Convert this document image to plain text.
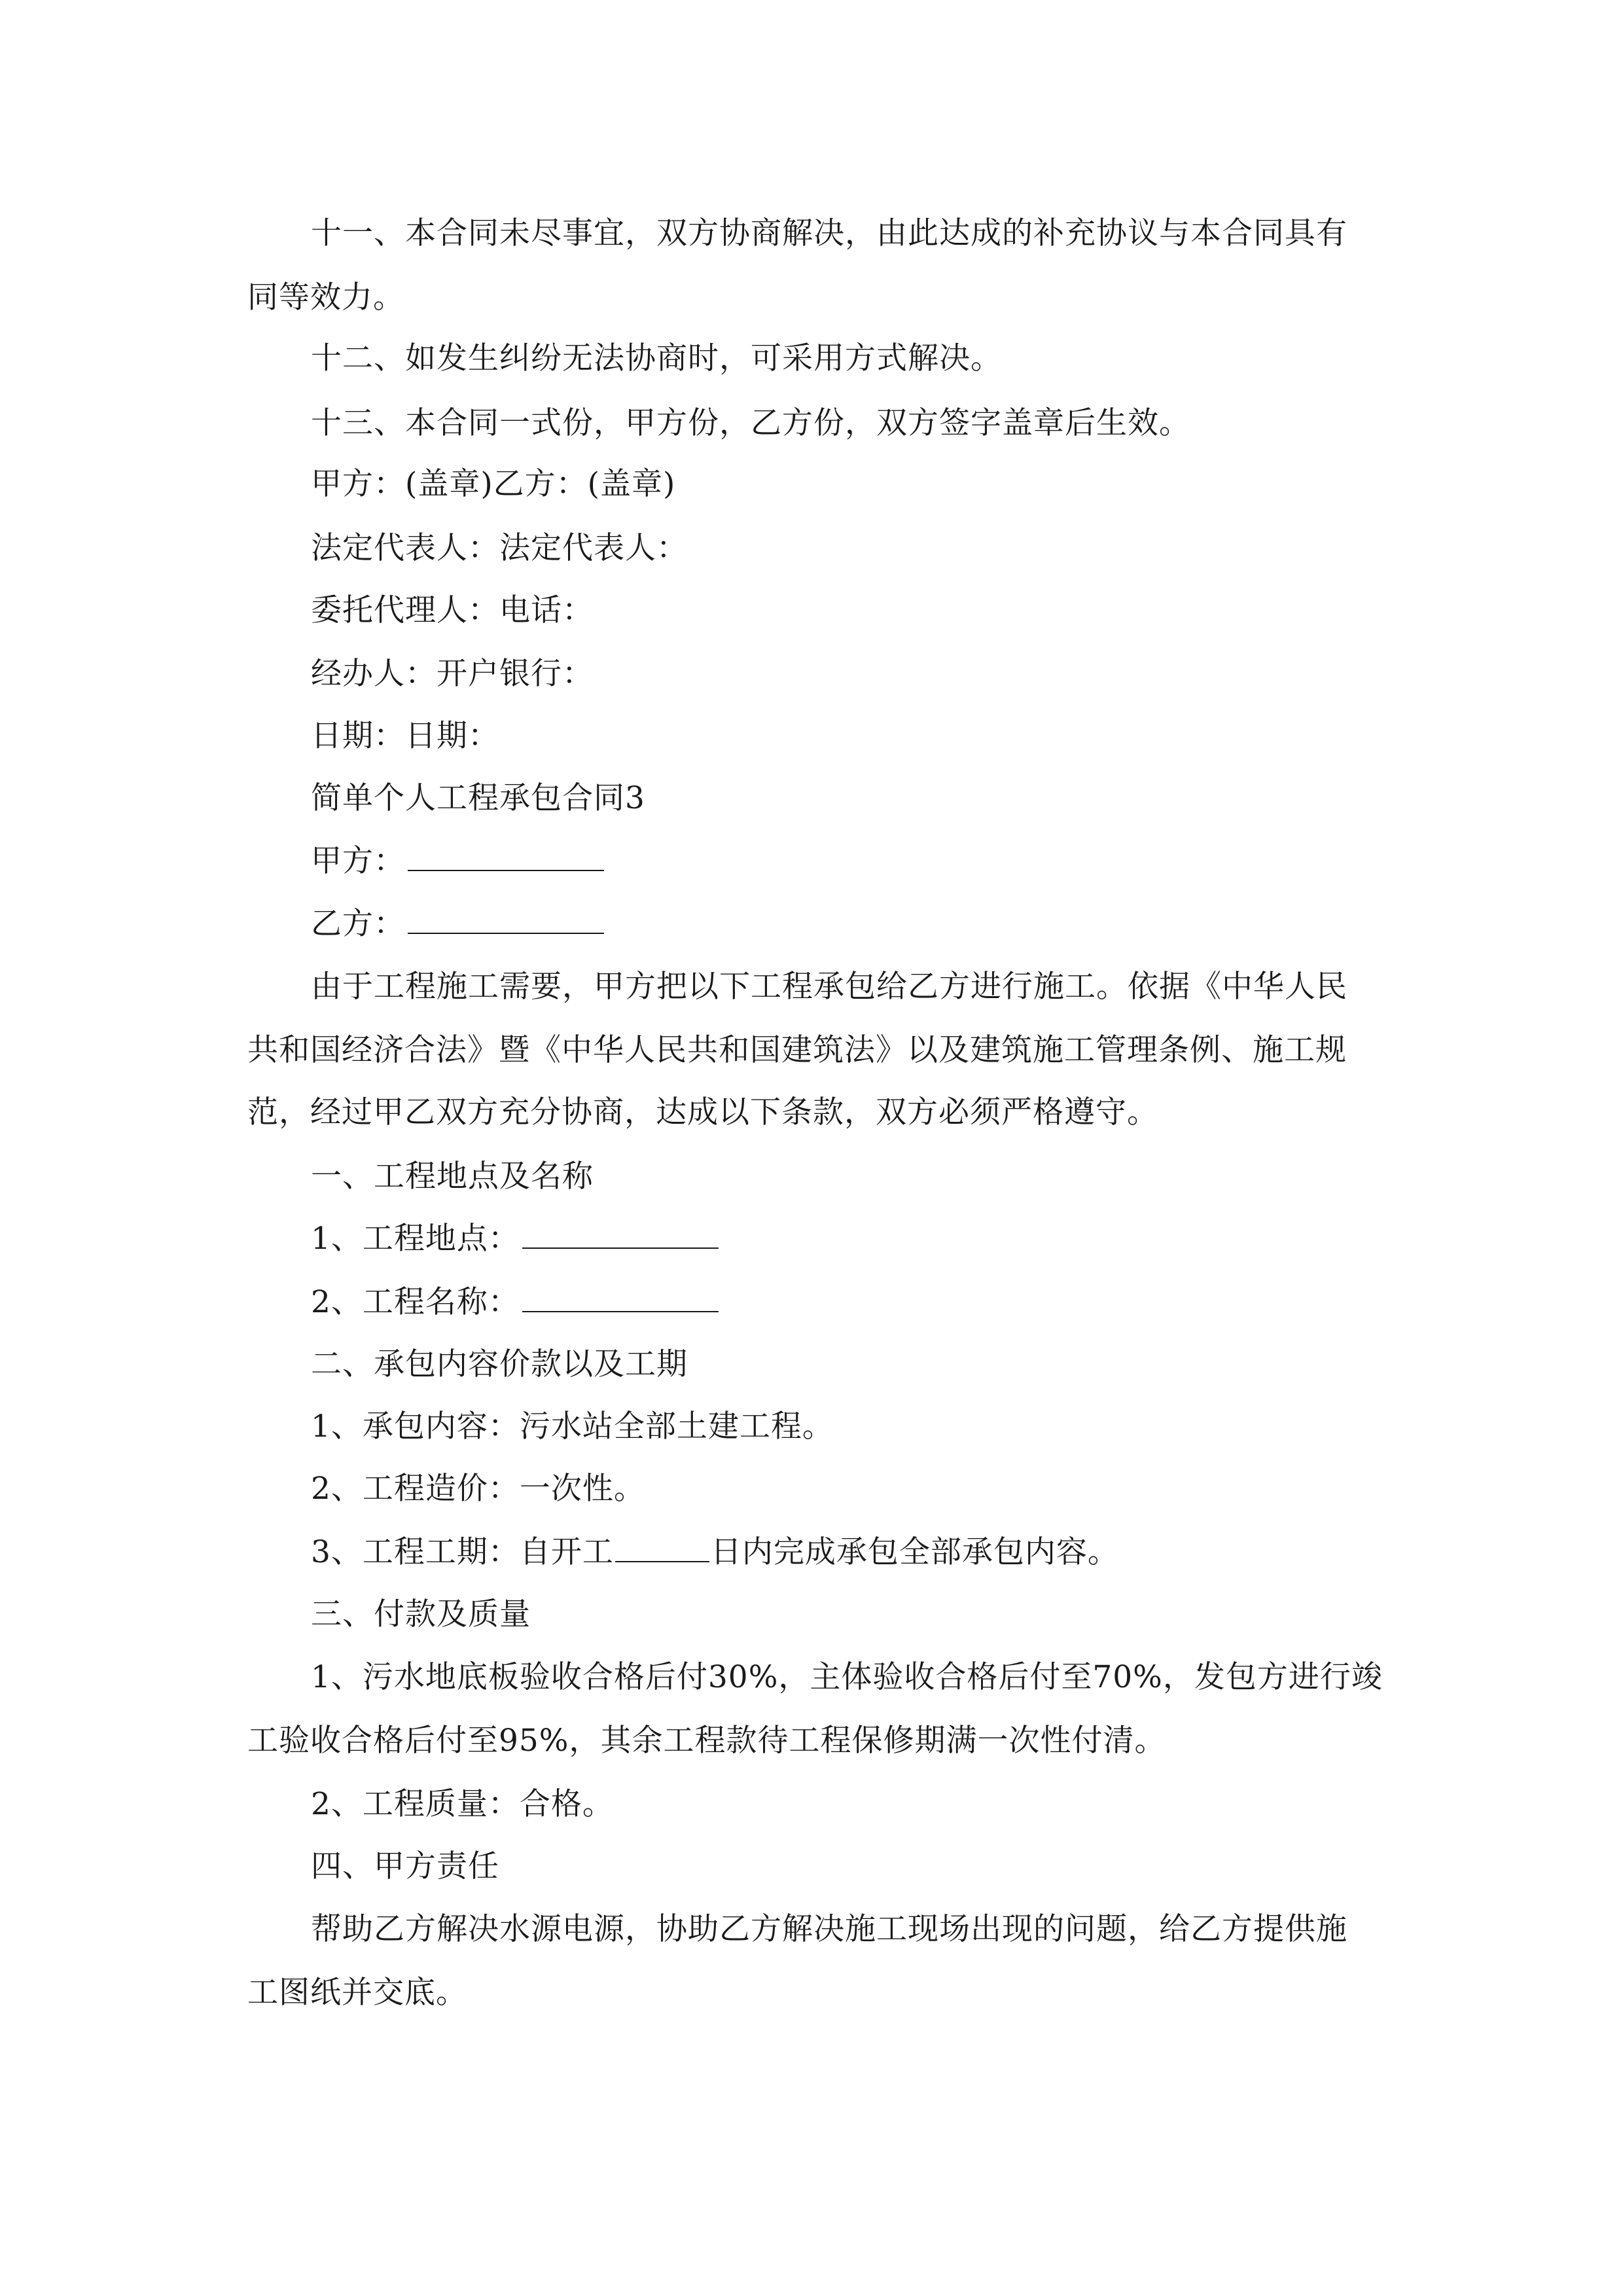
十一、本合同未尽事宜，双方协商解决，由此达成的补充协议与本合同具有
同等效力。
十二、如发生纠纷无法协商时，可采用方式解决。
十三、本合同一式份，甲方份，乙方份，双方签字盖章后生效。
甲方：(盖章)乙方：(盖章)
法定代表人：法定代表人：
委托代理人：电话：
经办人：开户银行：
日期：日期：
简单个人工程承包合同3
甲方：
乙方：
由于工程施工需要，甲方把以下工程承包给乙方进行施工。依据《中华人民
共和国经济合法》暨《中华人民共和国建筑法》以及建筑施工管理条例、施工规
范，经过甲乙双方充分协商，达成以下条款，双方必须严格遵守。
一、工程地点及名称
1、工程地点：
2、工程名称：
二、承包内容价款以及工期
1、承包内容：污水站全部土建工程。
2、工程造价：一次性。
3、工程工期：自开工	日内完成承包全部承包内容。
三、付款及质量
1、污水地底板验收合格后付30%，主体验收合格后付至70%，发包方进行竣
工验收合格后付至95%，其余工程款待工程保修期满一次性付清。
2、工程质量：合格。
四、甲方责任
帮助乙方解决水源电源，协助乙方解决施工现场出现的问题，给乙方提供施
工图纸并交底。
